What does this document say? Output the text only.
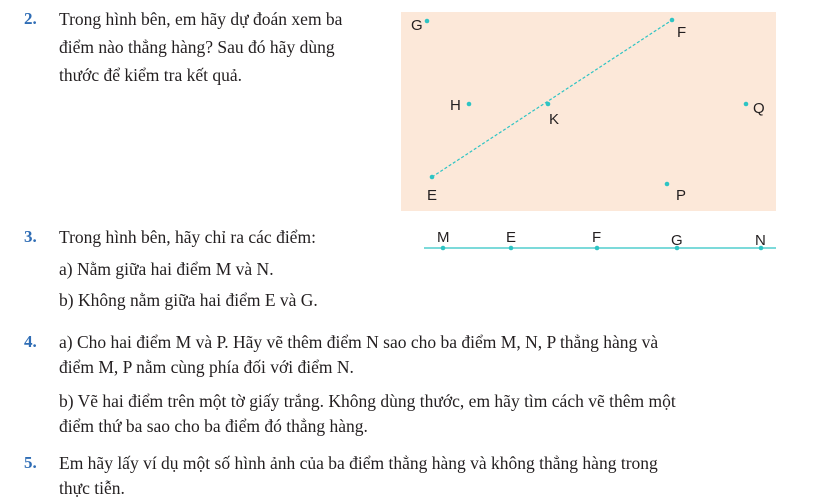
2. Trong hình bên, em hãy dự đoán xem ba

điểm nào thẳng hàng? Sau đó hãy dùng

thước để kiểm tra kết quả.

G	F
H
K
Q
E	P
3. Trong hình bên, hãy chỉ ra các điểm:

a) Nằm giữa hai điểm M và N.

b) Không nằm giữa hai điểm E và G.

M	E	F	G	N
4. a) Cho hai điểm M và P. Hãy vẽ thêm điểm N sao cho ba điểm M, N, P thẳng hàng và

điểm M, P nằm cùng phía đối với điểm N.

b) Vẽ hai điểm trên một tờ giấy trắng. Không dùng thước, em hãy tìm cách vẽ thêm một

điểm thứ ba sao cho ba điểm đó thẳng hàng.

5. Em hãy lấy ví dụ một số hình ảnh của ba điểm thẳng hàng và không thẳng hàng trong

thực tiễn.
